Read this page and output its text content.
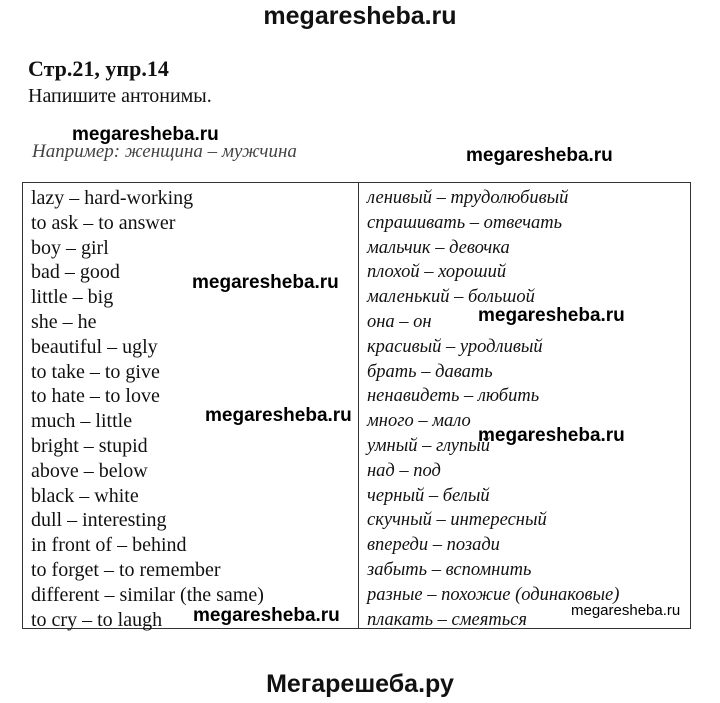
megaresheba.ru
Стр.21, упр.14
Напишите антонимы.
Например: женщина – мужчина
lazy – hard-working
to ask – to answer
boy – girl
bad – good
little – big
she – he
beautiful – ugly
to take – to give
to hate – to love
much – little
bright – stupid
above – below
black – white
dull – interesting
in front of – behind
to forget – to remember
different – similar (the same)
to cry – to laugh
ленивый – трудолюбивый
спрашивать – отвечать
мальчик – девочка
плохой – хороший
маленький – большой
она – он
красивый – уродливый
брать – давать
ненавидеть – любить
много – мало
умный – глупый
над – под
черный – белый
скучный – интересный
впереди – позади
забыть – вспомнить
разные – похожие (одинаковые)
плакать – смеяться
megaresheba.ru
megaresheba.ru
megaresheba.ru
megaresheba.ru
megaresheba.ru
megaresheba.ru
megaresheba.ru	megaresheba.ru
Мегарешеба.ру
